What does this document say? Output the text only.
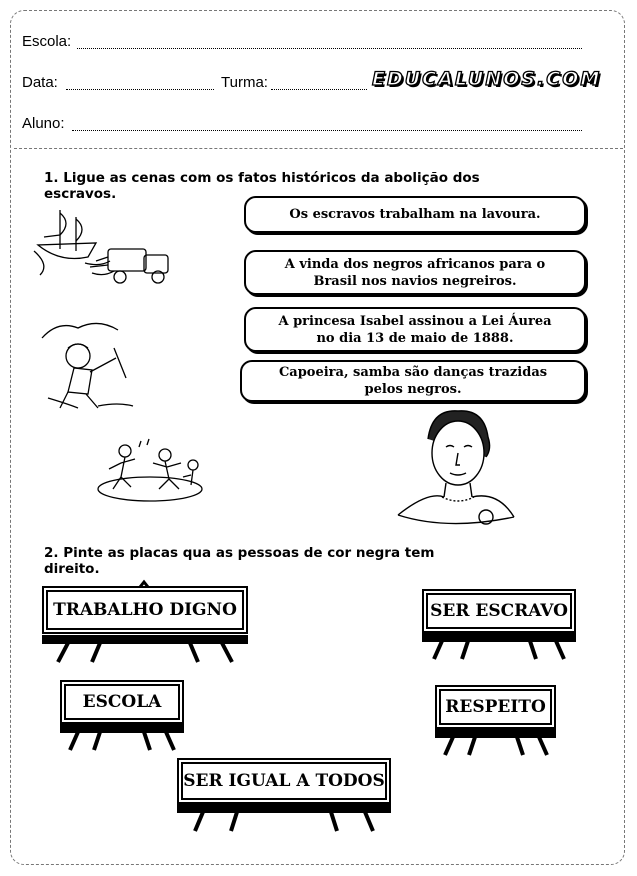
Escola:
Data:	Turma:	EDUCALUNOS.COM
Aluno:
1. Ligue as cenas com os fatos históricos da abolição dos
escravos.
Os escravos trabalham na lavoura.
A vinda dos negros africanos para o
Brasil nos navios negreiros.
A princesa Isabel assinou a Lei Áurea
no dia 13 de maio de 1888.
Capoeira, samba são danças trazidas
pelos negros.
2. Pinte as placas qua as pessoas de cor negra tem
direito.
TRABALHO DIGNO	SER ESCRAVO
ESCOLA	RESPEITO
SER IGUAL A TODOS
